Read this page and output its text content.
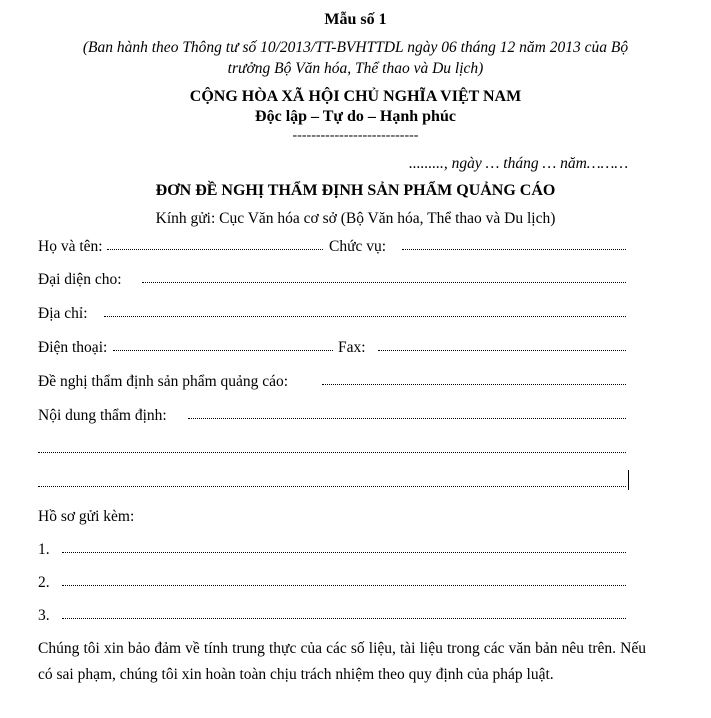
Mẫu số 1
(Ban hành theo Thông tư số 10/2013/TT-BVHTTDL ngày 06 tháng 12 năm 2013 của Bộ
trưởng Bộ Văn hóa, Thể thao và Du lịch)
CỘNG HÒA XÃ HỘI CHỦ NGHĨA VIỆT NAM
Độc lập – Tự do – Hạnh phúc
---------------------------
........., ngày … tháng … năm………
ĐƠN ĐỀ NGHỊ THẨM ĐỊNH SẢN PHẨM QUẢNG CÁO
Kính gửi: Cục Văn hóa cơ sở (Bộ Văn hóa, Thể thao và Du lịch)
Họ và tên:	Chức vụ:
Đại diện cho:
Địa chỉ:
Điện thoại:	Fax:
Đề nghị thẩm định sản phẩm quảng cáo:
Nội dung thẩm định:
Hồ sơ gửi kèm:
1.
2.
3.
Chúng tôi xin bảo đảm về tính trung thực của các số liệu, tài liệu trong các văn bản nêu trên. Nếu có sai phạm, chúng tôi xin hoàn toàn chịu trách nhiệm theo quy định của pháp luật.
